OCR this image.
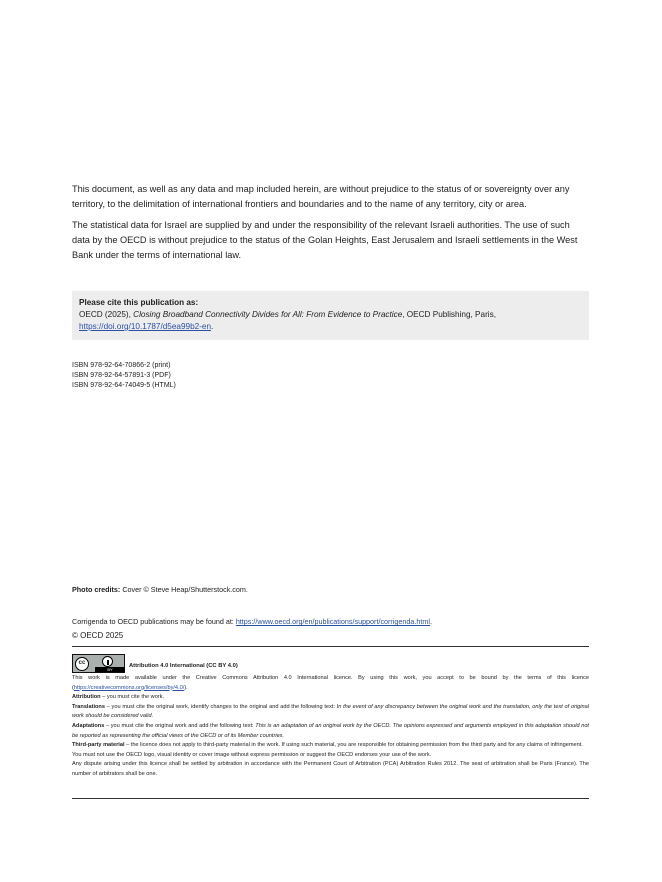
This document, as well as any data and map included herein, are without prejudice to the status of or sovereignty over any territory, to the delimitation of international frontiers and boundaries and to the name of any territory, city or area.

The statistical data for Israel are supplied by and under the responsibility of the relevant Israeli authorities. The use of such data by the OECD is without prejudice to the status of the Golan Heights, East Jerusalem and Israeli settlements in the West Bank under the terms of international law.

Please cite this publication as:
OECD (2025), Closing Broadband Connectivity Divides for All: From Evidence to Practice, OECD Publishing, Paris,
https://doi.org/10.1787/d5ea99b2-en.
ISBN 978-92-64-70866-2 (print)
ISBN 978-92-64-57891-3 (PDF)
ISBN 978-92-64-74049-5 (HTML)
Photo credits: Cover © Steve Heap/Shutterstock.com.
Corrigenda to OECD publications may be found at: https://www.oecd.org/en/publications/support/corrigenda.html.
© OECD 2025
cc
BY
Attribution 4.0 International (CC BY 4.0)

This work is made available under the Creative Commons Attribution 4.0 International licence. By using this work, you accept to be bound by the terms of this licence (https://creativecommons.org/licenses/by/4.0/).

Attribution – you must cite the work.

Translations – you must cite the original work, identify changes to the original and add the following text: In the event of any discrepancy between the original work and the translation, only the text of original work should be considered valid.

Adaptations – you must cite the original work and add the following text: This is an adaptation of an original work by the OECD. The opinions expressed and arguments employed in this adaptation should not be reported as representing the official views of the OECD or of its Member countries.

Third-party material – the licence does not apply to third-party material in the work. If using such material, you are responsible for obtaining permission from the third party and for any claims of infringement.

You must not use the OECD logo, visual identity or cover image without express permission or suggest the OECD endorses your use of the work.

Any dispute arising under this licence shall be settled by arbitration in accordance with the Permanent Court of Arbitration (PCA) Arbitration Rules 2012. The seat of arbitration shall be Paris (France). The number of arbitrators shall be one.
